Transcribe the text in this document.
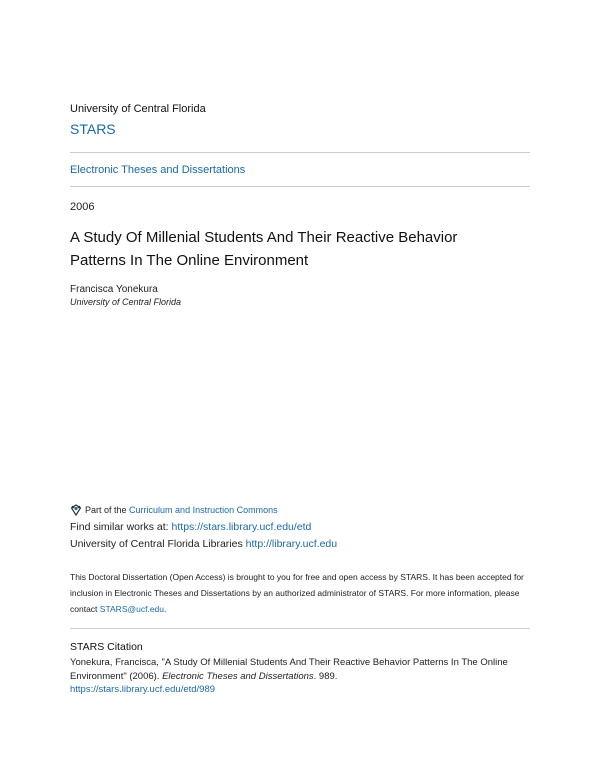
University of Central Florida
STARS
Electronic Theses and Dissertations
2006
A Study Of Millenial Students And Their Reactive Behavior Patterns In The Online Environment
Francisca Yonekura
University of Central Florida
Part of the
Curriculum and Instruction Commons
Find similar works at: https://stars.library.ucf.edu/etd
University of Central Florida Libraries http://library.ucf.edu
This Doctoral Dissertation (Open Access) is brought to you for free and open access by STARS. It has been accepted for inclusion in Electronic Theses and Dissertations by an authorized administrator of STARS. For more information, please contact STARS@ucf.edu.
STARS Citation
Yonekura, Francisca, "A Study Of Millenial Students And Their Reactive Behavior Patterns In The Online Environment" (2006). Electronic Theses and Dissertations. 989.
https://stars.library.ucf.edu/etd/989
